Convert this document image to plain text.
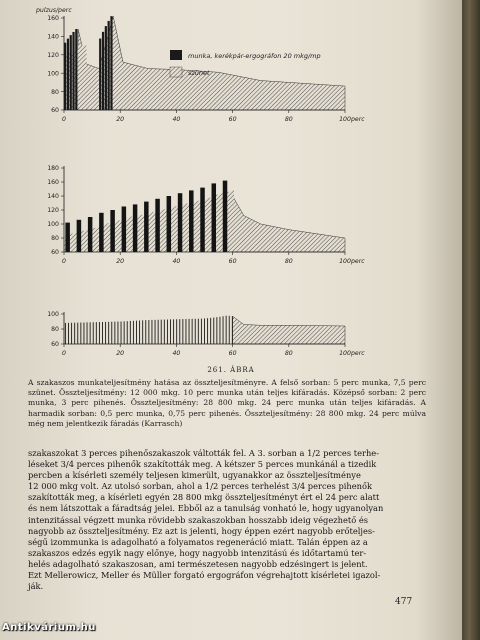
60
80
100
120
140
160
0	20	40	60	80	100 perc
pulzus/perc
60
80
100
120
140
160
180
0	20	40	60	80	100 perc
60
80
100
0	20	40	60	80	100 perc
munka, kerékpár-ergográfon 20 mkg/mp
szünet
261. ÁBRA
A szakaszos munkateljesítmény hatása az összteljesítményre. A felső sorban: 5 perc munka, 7,5 perc szünet. Összteljesítmény: 12 000 mkg. 10 perc munka után teljes kifáradás. Középső sorban: 2 perc munka, 3 perc pihenés. Összteljesítmény: 28 800 mkg. 24 perc munka után teljes kifáradás. A harmadik sorban: 0,5 perc munka, 0,75 perc pihenés. Összteljesítmény: 28 800 mkg. 24 perc múlva még nem jelentkezik fáradás (Karrasch)
szakaszokat 3 perces pihenőszakaszok váltották fel. A 3. sorban a 1/2 perces terhe-
léseket 3/4 perces pihenők szakították meg. A kétszer 5 perces munkánál a tizedik
percben a kísérleti személy teljesen kimerült, ugyanakkor az összteljesítménye
12 000 mkg volt. Az utolsó sorban, ahol a 1/2 perces terhelést 3/4 perces pihenők
szakították meg, a kísérleti egyén 28 800 mkg összteljesítményt ért el 24 perc alatt
és nem látszottak a fáradtság jelei. Ebből az a tanulság vonható le, hogy ugyanolyan
intenzitással végzett munka rövidebb szakaszokban hosszabb ideig végezhető és
nagyobb az összteljesítmény. Ez azt is jelenti, hogy éppen ezért nagyobb erőteljes-
ségű izommunka is adagolható a folyamatos regeneráció miatt. Talán éppen az a
szakaszos edzés egyik nagy előnye, hogy nagyobb intenzitású és időtartamú ter-
helés adagolható szakaszosan, ami természetesen nagyobb edzésingert is jelent.
Ezt Mellerowicz, Meller és Müller forgató ergográfon végrehajtott kísérletei igazol-
ják.
477
Antikvárium.hu
